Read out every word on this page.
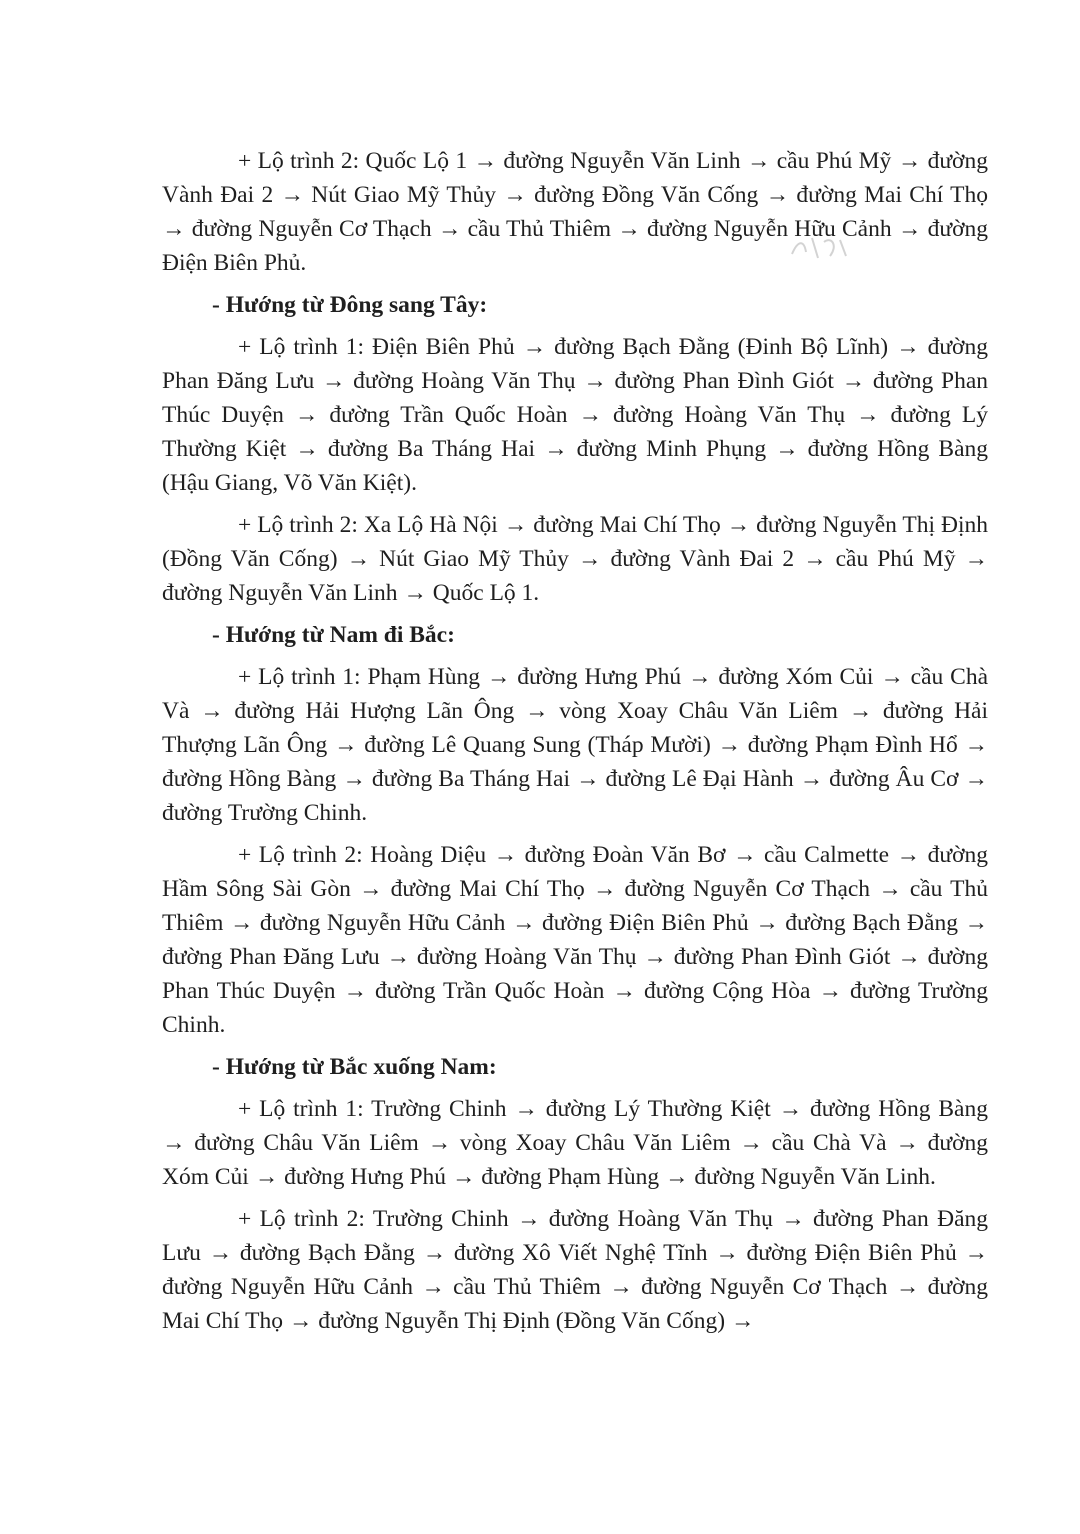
+ Lộ trình 2: Quốc Lộ 1 → đường Nguyễn Văn Linh → cầu Phú Mỹ → đường Vành Đai 2 → Nút Giao Mỹ Thủy → đường Đồng Văn Cống → đường Mai Chí Thọ → đường Nguyễn Cơ Thạch → cầu Thủ Thiêm → đường Nguyễn Hữu Cảnh → đường Điện Biên Phủ.

- Hướng từ Đông sang Tây:

+ Lộ trình 1: Điện Biên Phủ → đường Bạch Đằng (Đinh Bộ Lĩnh) → đường Phan Đăng Lưu → đường Hoàng Văn Thụ → đường Phan Đình Giót → đường Phan Thúc Duyện → đường Trần Quốc Hoàn → đường Hoàng Văn Thụ → đường Lý Thường Kiệt → đường Ba Tháng Hai → đường Minh Phụng → đường Hồng Bàng (Hậu Giang, Võ Văn Kiệt).

+ Lộ trình 2: Xa Lộ Hà Nội → đường Mai Chí Thọ → đường Nguyễn Thị Định (Đồng Văn Cống) → Nút Giao Mỹ Thủy → đường Vành Đai 2 → cầu Phú Mỹ → đường Nguyễn Văn Linh → Quốc Lộ 1.

- Hướng từ Nam đi Bắc:

+ Lộ trình 1: Phạm Hùng → đường Hưng Phú → đường Xóm Củi → cầu Chà Và → đường Hải Hượng Lãn Ông → vòng Xoay Châu Văn Liêm → đường Hải Thượng Lãn Ông → đường Lê Quang Sung (Tháp Mười) → đường Phạm Đình Hổ → đường Hồng Bàng → đường Ba Tháng Hai → đường Lê Đại Hành → đường Âu Cơ → đường Trường Chinh.

+ Lộ trình 2: Hoàng Diệu → đường Đoàn Văn Bơ → cầu Calmette → đường Hầm Sông Sài Gòn → đường Mai Chí Thọ → đường Nguyễn Cơ Thạch → cầu Thủ Thiêm → đường Nguyễn Hữu Cảnh → đường Điện Biên Phủ → đường Bạch Đằng → đường Phan Đăng Lưu → đường Hoàng Văn Thụ → đường Phan Đình Giót → đường Phan Thúc Duyện → đường Trần Quốc Hoàn → đường Cộng Hòa → đường Trường Chinh.

- Hướng từ Bắc xuống Nam:

+ Lộ trình 1: Trường Chinh → đường Lý Thường Kiệt → đường Hồng Bàng → đường Châu Văn Liêm → vòng Xoay Châu Văn Liêm → cầu Chà Và → đường Xóm Củi → đường Hưng Phú → đường Phạm Hùng → đường Nguyễn Văn Linh.

+ Lộ trình 2: Trường Chinh → đường Hoàng Văn Thụ → đường Phan Đăng Lưu → đường Bạch Đằng → đường Xô Viết Nghệ Tĩnh → đường Điện Biên Phủ → đường Nguyễn Hữu Cảnh → cầu Thủ Thiêm → đường Nguyễn Cơ Thạch → đường Mai Chí Thọ → đường Nguyễn Thị Định (Đồng Văn Cống) →
